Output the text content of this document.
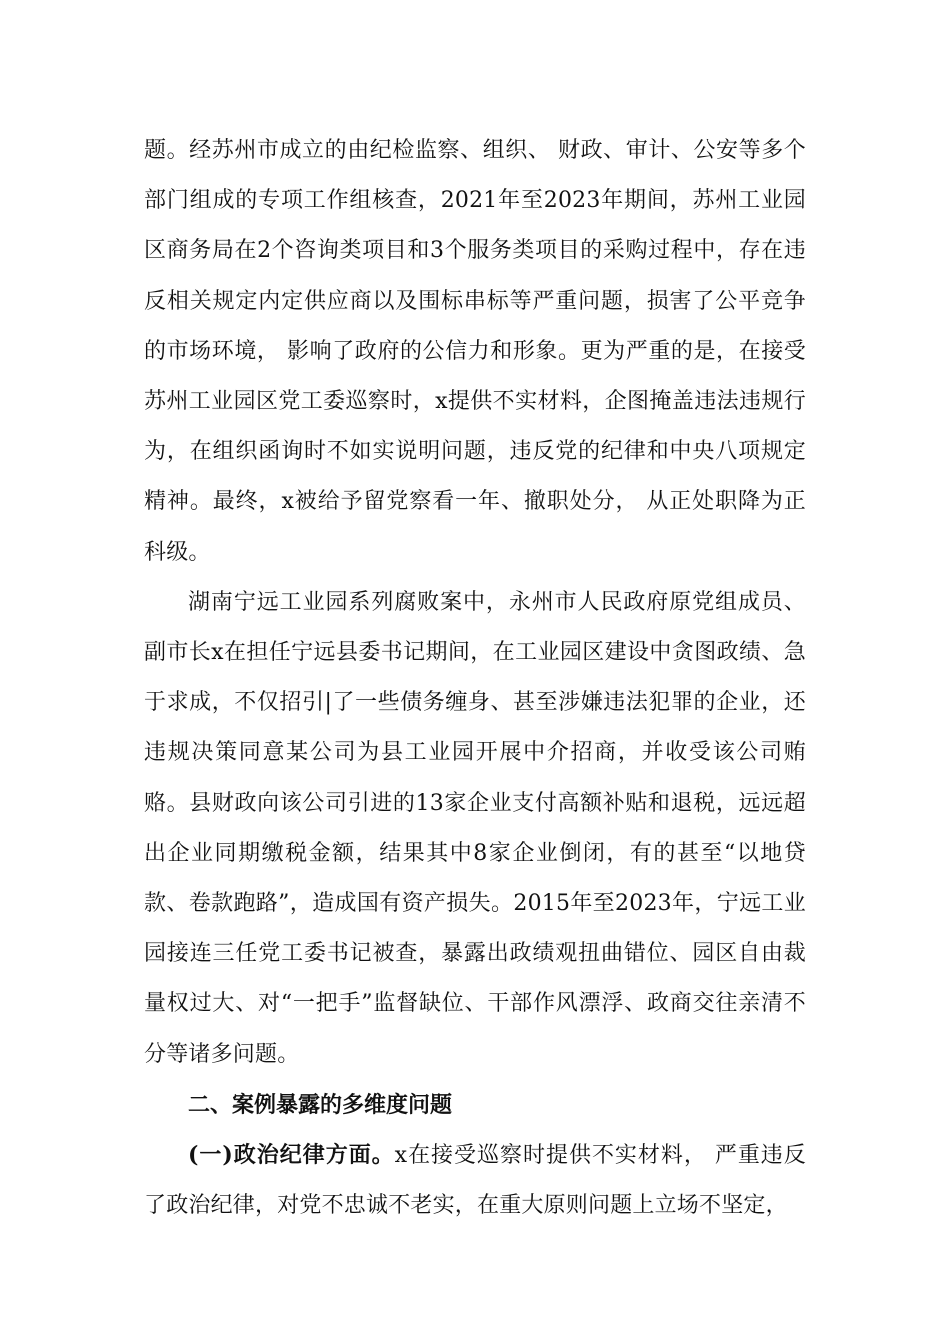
题。经苏州市成立的由纪检监察、组织、 财政、审计、公安等多个部门组成的专项工作组核查，2021年至2023年期间，苏州工业园区商务局在2个咨询类项目和3个服务类项目的采购过程中，存在违反相关规定内定供应商以及围标串标等严重问题，损害了公平竞争的市场环境， 影响了政府的公信力和形象。更为严重的是，在接受苏州工业园区党工委巡察时，x提供不实材料，企图掩盖违法违规行为，在组织函询时不如实说明问题，违反党的纪律和中央八项规定精神。最终，x被给予留党察看一年、撤职处分， 从正处职降为正科级。

湖南宁远工业园系列腐败案中，永州市人民政府原党组成员、副市长x在担任宁远县委书记期间，在工业园区建设中贪图政绩、急于求成，不仅招引|了一些债务缠身、甚至涉嫌违法犯罪的企业，还违规决策同意某公司为县工业园开展中介招商，并收受该公司贿赂。县财政向该公司引进的13家企业支付高额补贴和退税，远远超出企业同期缴税金额，结果其中8家企业倒闭，有的甚至“以地贷款、卷款跑路”，造成国有资产损失。2015年至2023年，宁远工业园接连三任党工委书记被查，暴露出政绩观扭曲错位、园区自由裁量权过大、对“一把手”监督缺位、干部作风漂浮、政商交往亲清不分等诸多问题。

二、案例暴露的多维度问题

(一)政治纪律方面。x在接受巡察时提供不实材料， 严重违反了政治纪律，对党不忠诚不老实，在重大原则问题上立场不坚定，
